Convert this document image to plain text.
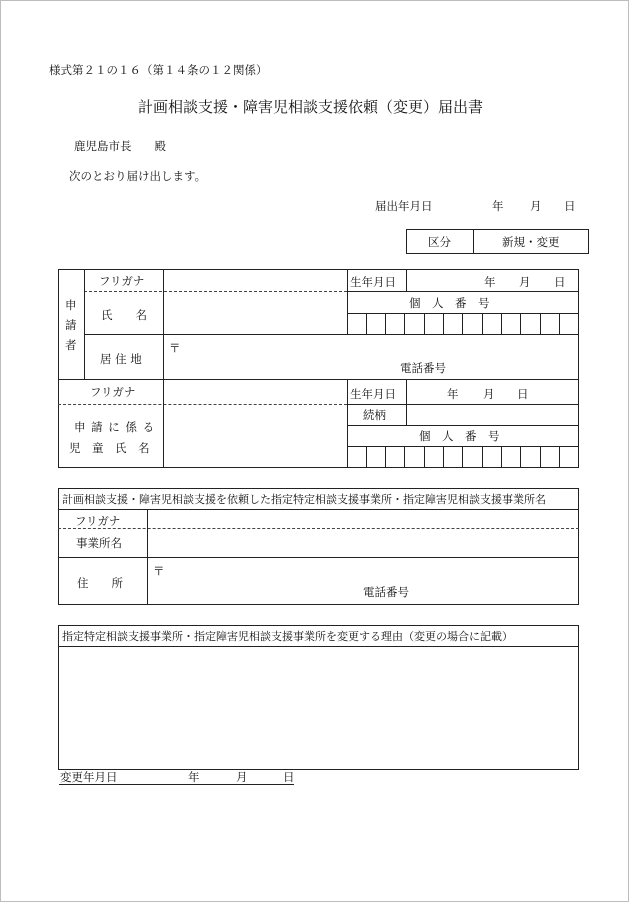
様式第２１の１６（第１４条の１２関係）
計画相談支援・障害児相談支援依頼（変更）届出書
鹿児島市長　　殿
次のとおり届け出します。
届出年月日	年 月 日
区分	新規・変更
申
請
者
フリガナ
氏　　名
生年月日	年 月 日
個　人　番　号
居 住 地
〒
電話番号
フリガナ
申 請 に 係 る
児　童　氏　名
生年月日	年 月 日
続柄
個　人　番　号
計画相談支援・障害児相談支援を依頼した指定特定相談支援事業所・指定障害児相談支援事業所名
フリガナ
事業所名
住　　所
〒
電話番号
指定特定相談支援事業所・指定障害児相談支援事業所を変更する理由（変更の場合に記載）
変更年月日	年	月	日
